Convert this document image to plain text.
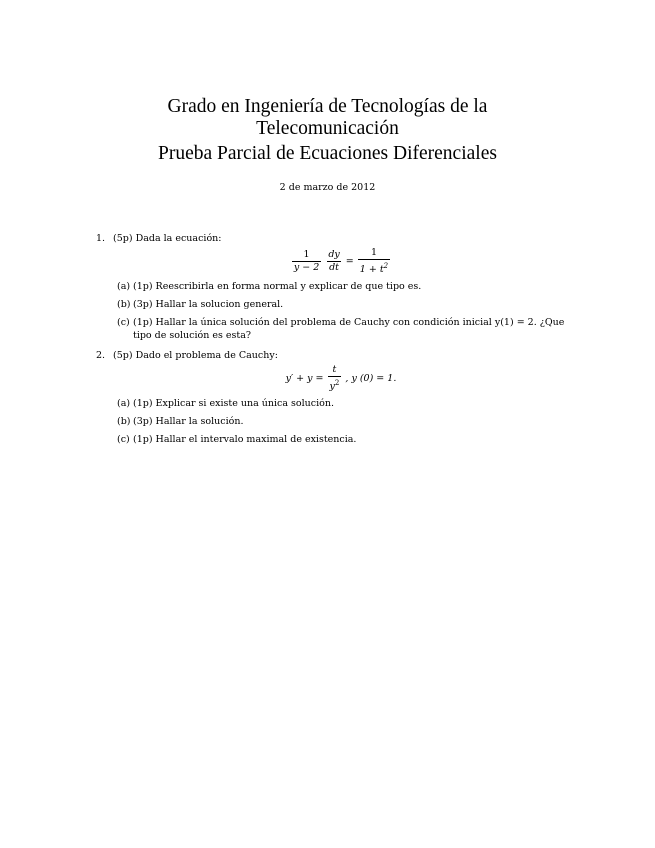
Grado en Ingeniería de Tecnologías de la
Telecomunicación
Prueba Parcial de Ecuaciones Diferenciales
2 de marzo de 2012
1. (5p) Dada la ecuación:
$\frac{1}{y - 2}$
$\frac{dy}{dt} = \frac{1}{1 + t^2}$
(a) (1p) Reescribirla en forma normal y explicar de que tipo es.
(b) (3p) Hallar la solucion general.
(c) (1p) Hallar la única solución del problema de Cauchy con condición inicial y(1) = 2. ¿Que tipo de solución es esta?
2. (5p) Dado el problema de Cauchy:
$y' + y = \frac{t}{y^2}$ , y (0) = 1.
(a) (1p) Explicar si existe una única solución.
(b) (3p) Hallar la solución.
(c) (1p) Hallar el intervalo maximal de existencia.
